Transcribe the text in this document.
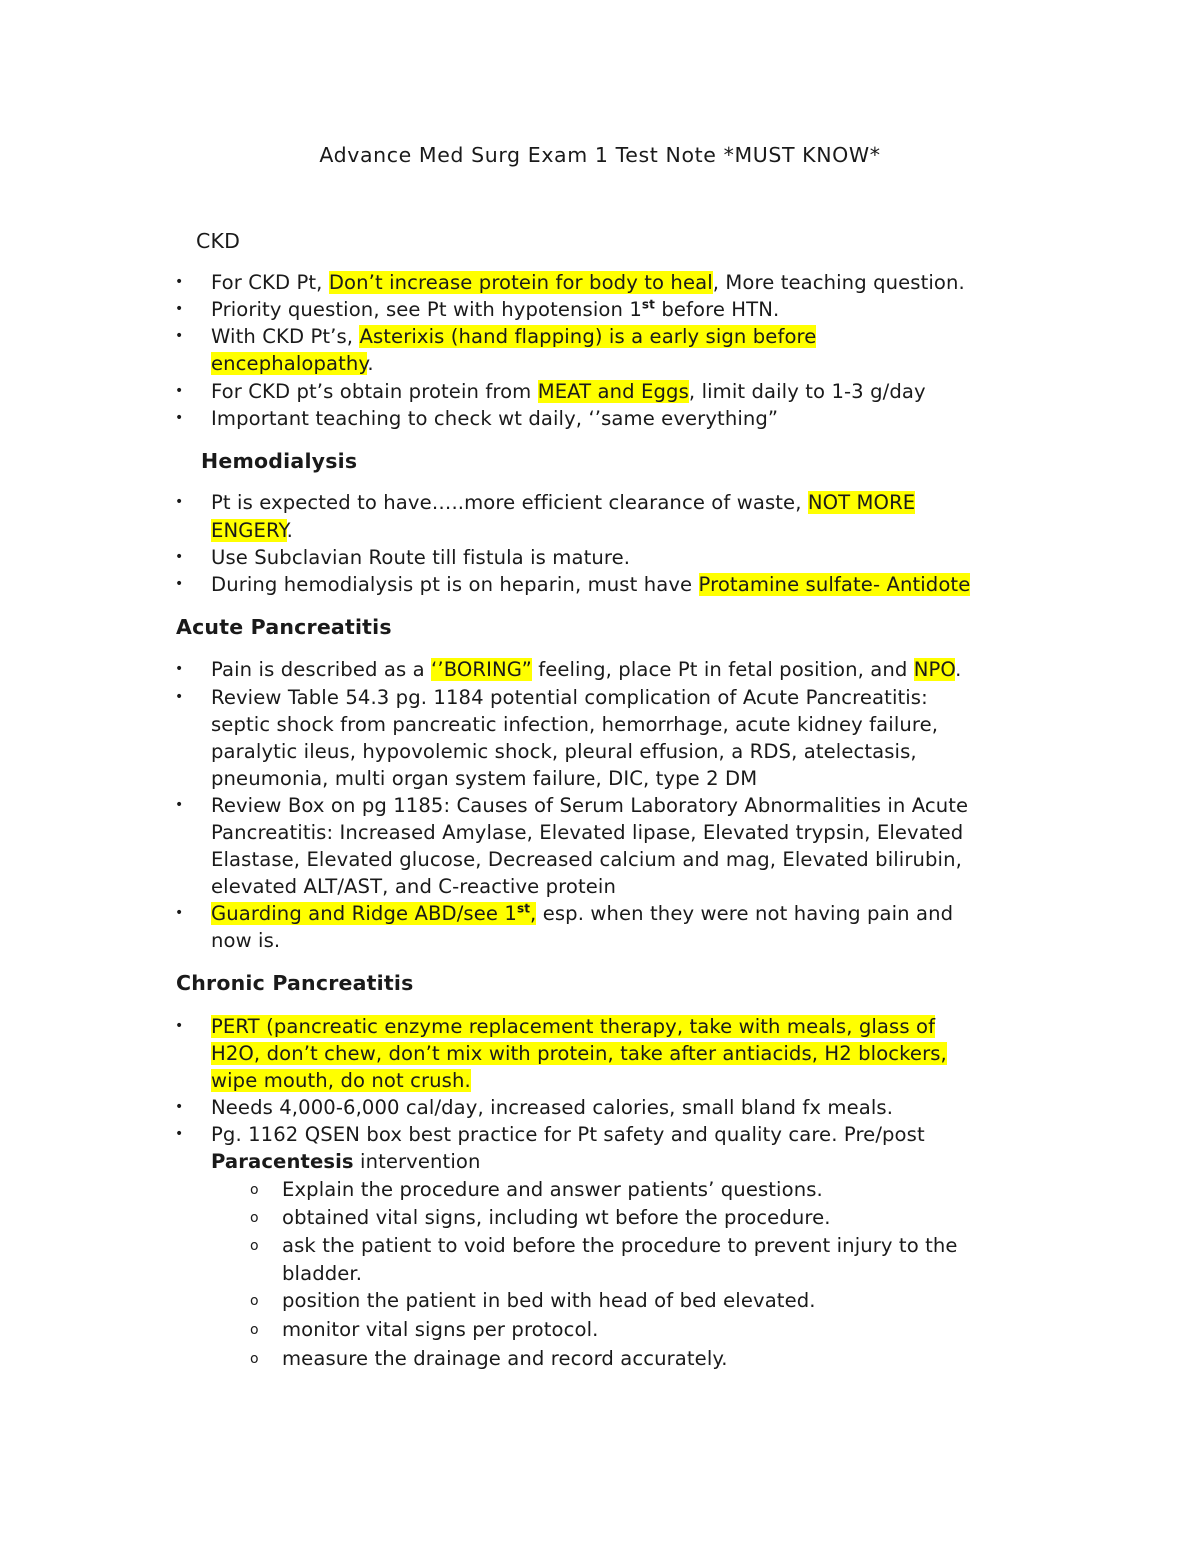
Advance Med Surg Exam 1 Test Note *MUST KNOW*
CKD
• For CKD Pt, Don’t increase protein for body to heal, More teaching question.
• Priority question, see Pt with hypotension 1st before HTN.
• With CKD Pt’s, Asterixis (hand flapping) is a early sign before
encephalopathy.
• For CKD pt’s obtain protein from MEAT and Eggs, limit daily to 1-3 g/day
• Important teaching to check wt daily, ‘’same everything”
Hemodialysis
• Pt is expected to have…..more efficient clearance of waste, NOT MORE
ENGERY.
• Use Subclavian Route till fistula is mature.
• During hemodialysis pt is on heparin, must have Protamine sulfate- Antidote
Acute Pancreatitis
• Pain is described as a ‘’BORING” feeling, place Pt in fetal position, and NPO.
• Review Table 54.3 pg. 1184 potential complication of Acute Pancreatitis:
septic shock from pancreatic infection, hemorrhage, acute kidney failure,
paralytic ileus, hypovolemic shock, pleural effusion, a RDS, atelectasis,
pneumonia, multi organ system failure, DIC, type 2 DM
• Review Box on pg 1185: Causes of Serum Laboratory Abnormalities in Acute
Pancreatitis: Increased Amylase, Elevated lipase, Elevated trypsin, Elevated
Elastase, Elevated glucose, Decreased calcium and mag, Elevated bilirubin,
elevated ALT/AST, and C-reactive protein
• Guarding and Ridge ABD/see 1st, esp. when they were not having pain and
now is.
Chronic Pancreatitis
• PERT (pancreatic enzyme replacement therapy, take with meals, glass of
H2O, don’t chew, don’t mix with protein, take after antiacids, H2 blockers,
wipe mouth, do not crush.
• Needs 4,000-6,000 cal/day, increased calories, small bland fx meals.
• Pg. 1162 QSEN box best practice for Pt safety and quality care. Pre/post
Paracentesis intervention
o Explain the procedure and answer patients’ questions.
o obtained vital signs, including wt before the procedure.
o ask the patient to void before the procedure to prevent injury to the
bladder.
o position the patient in bed with head of bed elevated.
o monitor vital signs per protocol.
o measure the drainage and record accurately.
